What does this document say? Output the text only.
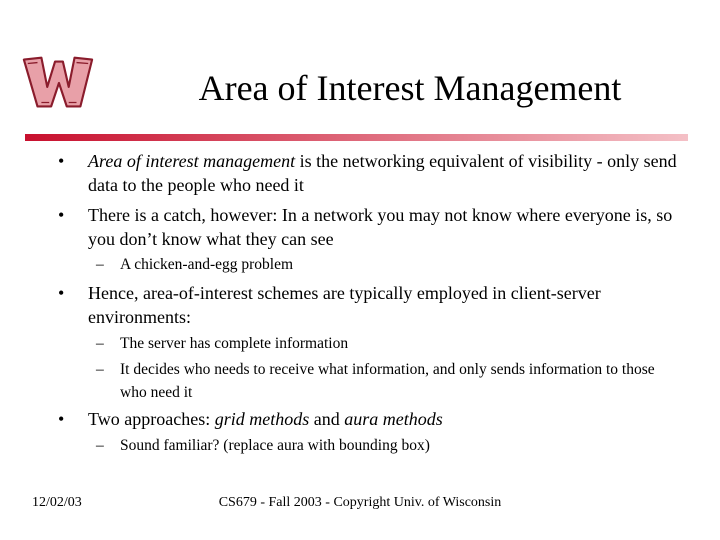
Area of Interest Management
• Area of interest management is the networking equivalent of visibility - only send data to the people who need it
• There is a catch, however: In a network you may not know where everyone is, so you don’t know what they can see
– A chicken-and-egg problem
• Hence, area-of-interest schemes are typically employed in client-server environments:
– The server has complete information
– It decides who needs to receive what information, and only sends information to those who need it
• Two approaches: grid methods and aura methods
– Sound familiar? (replace aura with bounding box)
12/02/03	CS679 - Fall 2003 - Copyright Univ. of Wisconsin
